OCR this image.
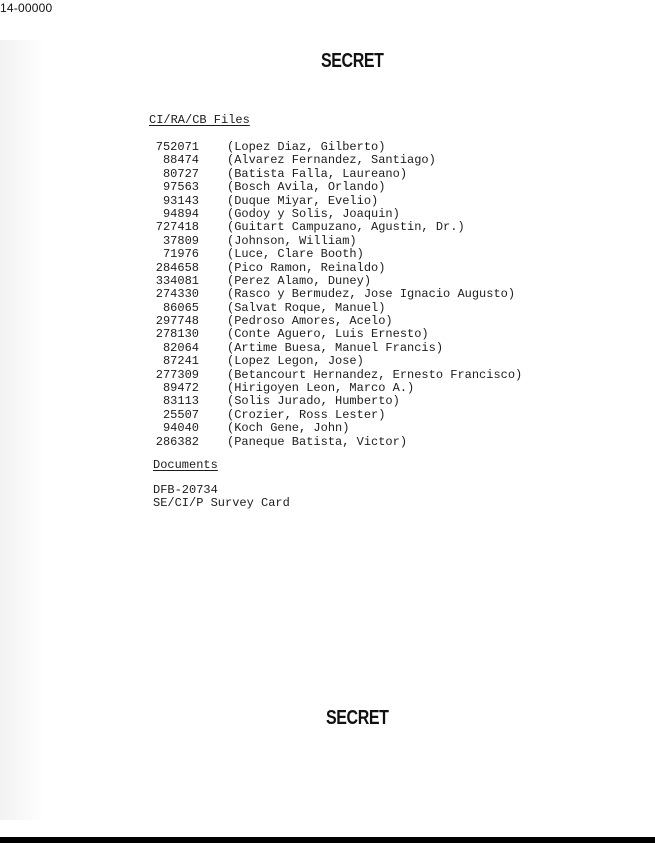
14-00000
SECRET
CI/RA/CB Files
752071 (Lopez Diaz, Gilberto)
88474 (Alvarez Fernandez, Santiago)
80727 (Batista Falla, Laureano)
97563 (Bosch Avila, Orlando)
93143 (Duque Miyar, Evelio)
94894 (Godoy y Solis, Joaquin)
727418 (Guitart Campuzano, Agustin, Dr.)
37809 (Johnson, William)
71976 (Luce, Clare Booth)
284658 (Pico Ramon, Reinaldo)
334081 (Perez Alamo, Duney)
274330 (Rasco y Bermudez, Jose Ignacio Augusto)
86065 (Salvat Roque, Manuel)
297748 (Pedroso Amores, Acelo)
278130 (Conte Aguero, Luis Ernesto)
82064 (Artime Buesa, Manuel Francis)
87241 (Lopez Legon, Jose)
277309 (Betancourt Hernandez, Ernesto Francisco)
89472 (Hirigoyen Leon, Marco A.)
83113 (Solis Jurado, Humberto)
25507 (Crozier, Ross Lester)
94040 (Koch Gene, John)
286382 (Paneque Batista, Victor)
Documents
DFB-20734
SE/CI/P Survey Card
SECRET
